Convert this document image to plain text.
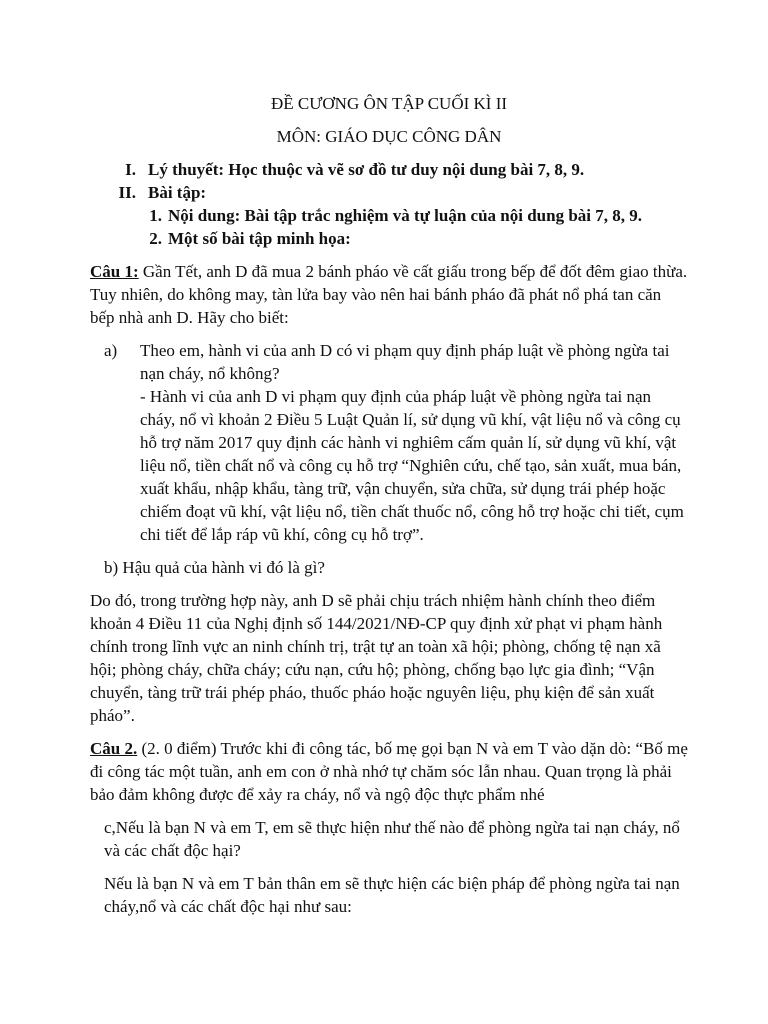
ĐỀ CƯƠNG ÔN TẬP CUỐI KÌ II

MÔN: GIÁO DỤC CÔNG DÂN

I. Lý thuyết: Học thuộc và vẽ sơ đồ tư duy nội dung bài 7, 8, 9.
II. Bài tập:
1. Nội dung: Bài tập trắc nghiệm và tự luận của nội dung bài 7, 8, 9.
2. Một số bài tập minh họa:

Câu 1: Gần Tết, anh D đã mua 2 bánh pháo về cất giấu trong bếp để đốt đêm giao thừa. Tuy nhiên, do không may, tàn lửa bay vào nên hai bánh pháo đã phát nổ phá tan căn bếp nhà anh D. Hãy cho biết:

a)	Theo em, hành vi của anh D có vi phạm quy định pháp luật về phòng ngừa tai nạn cháy, nổ không?
- Hành vi của anh D vi phạm quy định của pháp luật về phòng ngừa tai nạn cháy, nổ vì khoản 2 Điều 5 Luật Quản lí, sử dụng vũ khí, vật liệu nổ và công cụ hỗ trợ năm 2017 quy định các hành vi nghiêm cấm quản lí, sử dụng vũ khí, vật liệu nổ, tiền chất nổ và công cụ hỗ trợ “Nghiên cứu, chế tạo, sản xuất, mua bán, xuất khẩu, nhập khẩu, tàng trữ, vận chuyển, sửa chữa, sử dụng trái phép hoặc chiếm đoạt vũ khí, vật liệu nổ, tiền chất thuốc nổ, công hỗ trợ hoặc chi tiết, cụm chi tiết để lắp ráp vũ khí, công cụ hỗ trợ”.

b) Hậu quả của hành vi đó là gì?

Do đó, trong trường hợp này, anh D sẽ phải chịu trách nhiệm hành chính theo điểm khoản 4 Điều 11 của Nghị định số 144/2021/NĐ-CP quy định xử phạt vi phạm hành chính trong lĩnh vực an ninh chính trị, trật tự an toàn xã hội; phòng, chống tệ nạn xã hội; phòng cháy, chữa cháy; cứu nạn, cứu hộ; phòng, chống bạo lực gia đình; “Vận chuyển, tàng trữ trái phép pháo, thuốc pháo hoặc nguyên liệu, phụ kiện để sản xuất pháo”.

Câu 2. (2. 0 điểm) Trước khi đi công tác, bố mẹ gọi bạn N và em T vào dặn dò: “Bố mẹ đi công tác một tuần, anh em con ở nhà nhớ tự chăm sóc lẫn nhau. Quan trọng là phải bảo đảm không được để xảy ra cháy, nổ và ngộ độc thực phẩm nhé

c,Nếu là bạn N và em T, em sẽ thực hiện như thế nào để phòng ngừa tai nạn cháy, nổ và các chất độc hại?

Nếu là bạn N và em T bản thân em sẽ thực hiện các biện pháp để phòng ngừa tai nạn cháy,nổ và các chất độc hại như sau:
